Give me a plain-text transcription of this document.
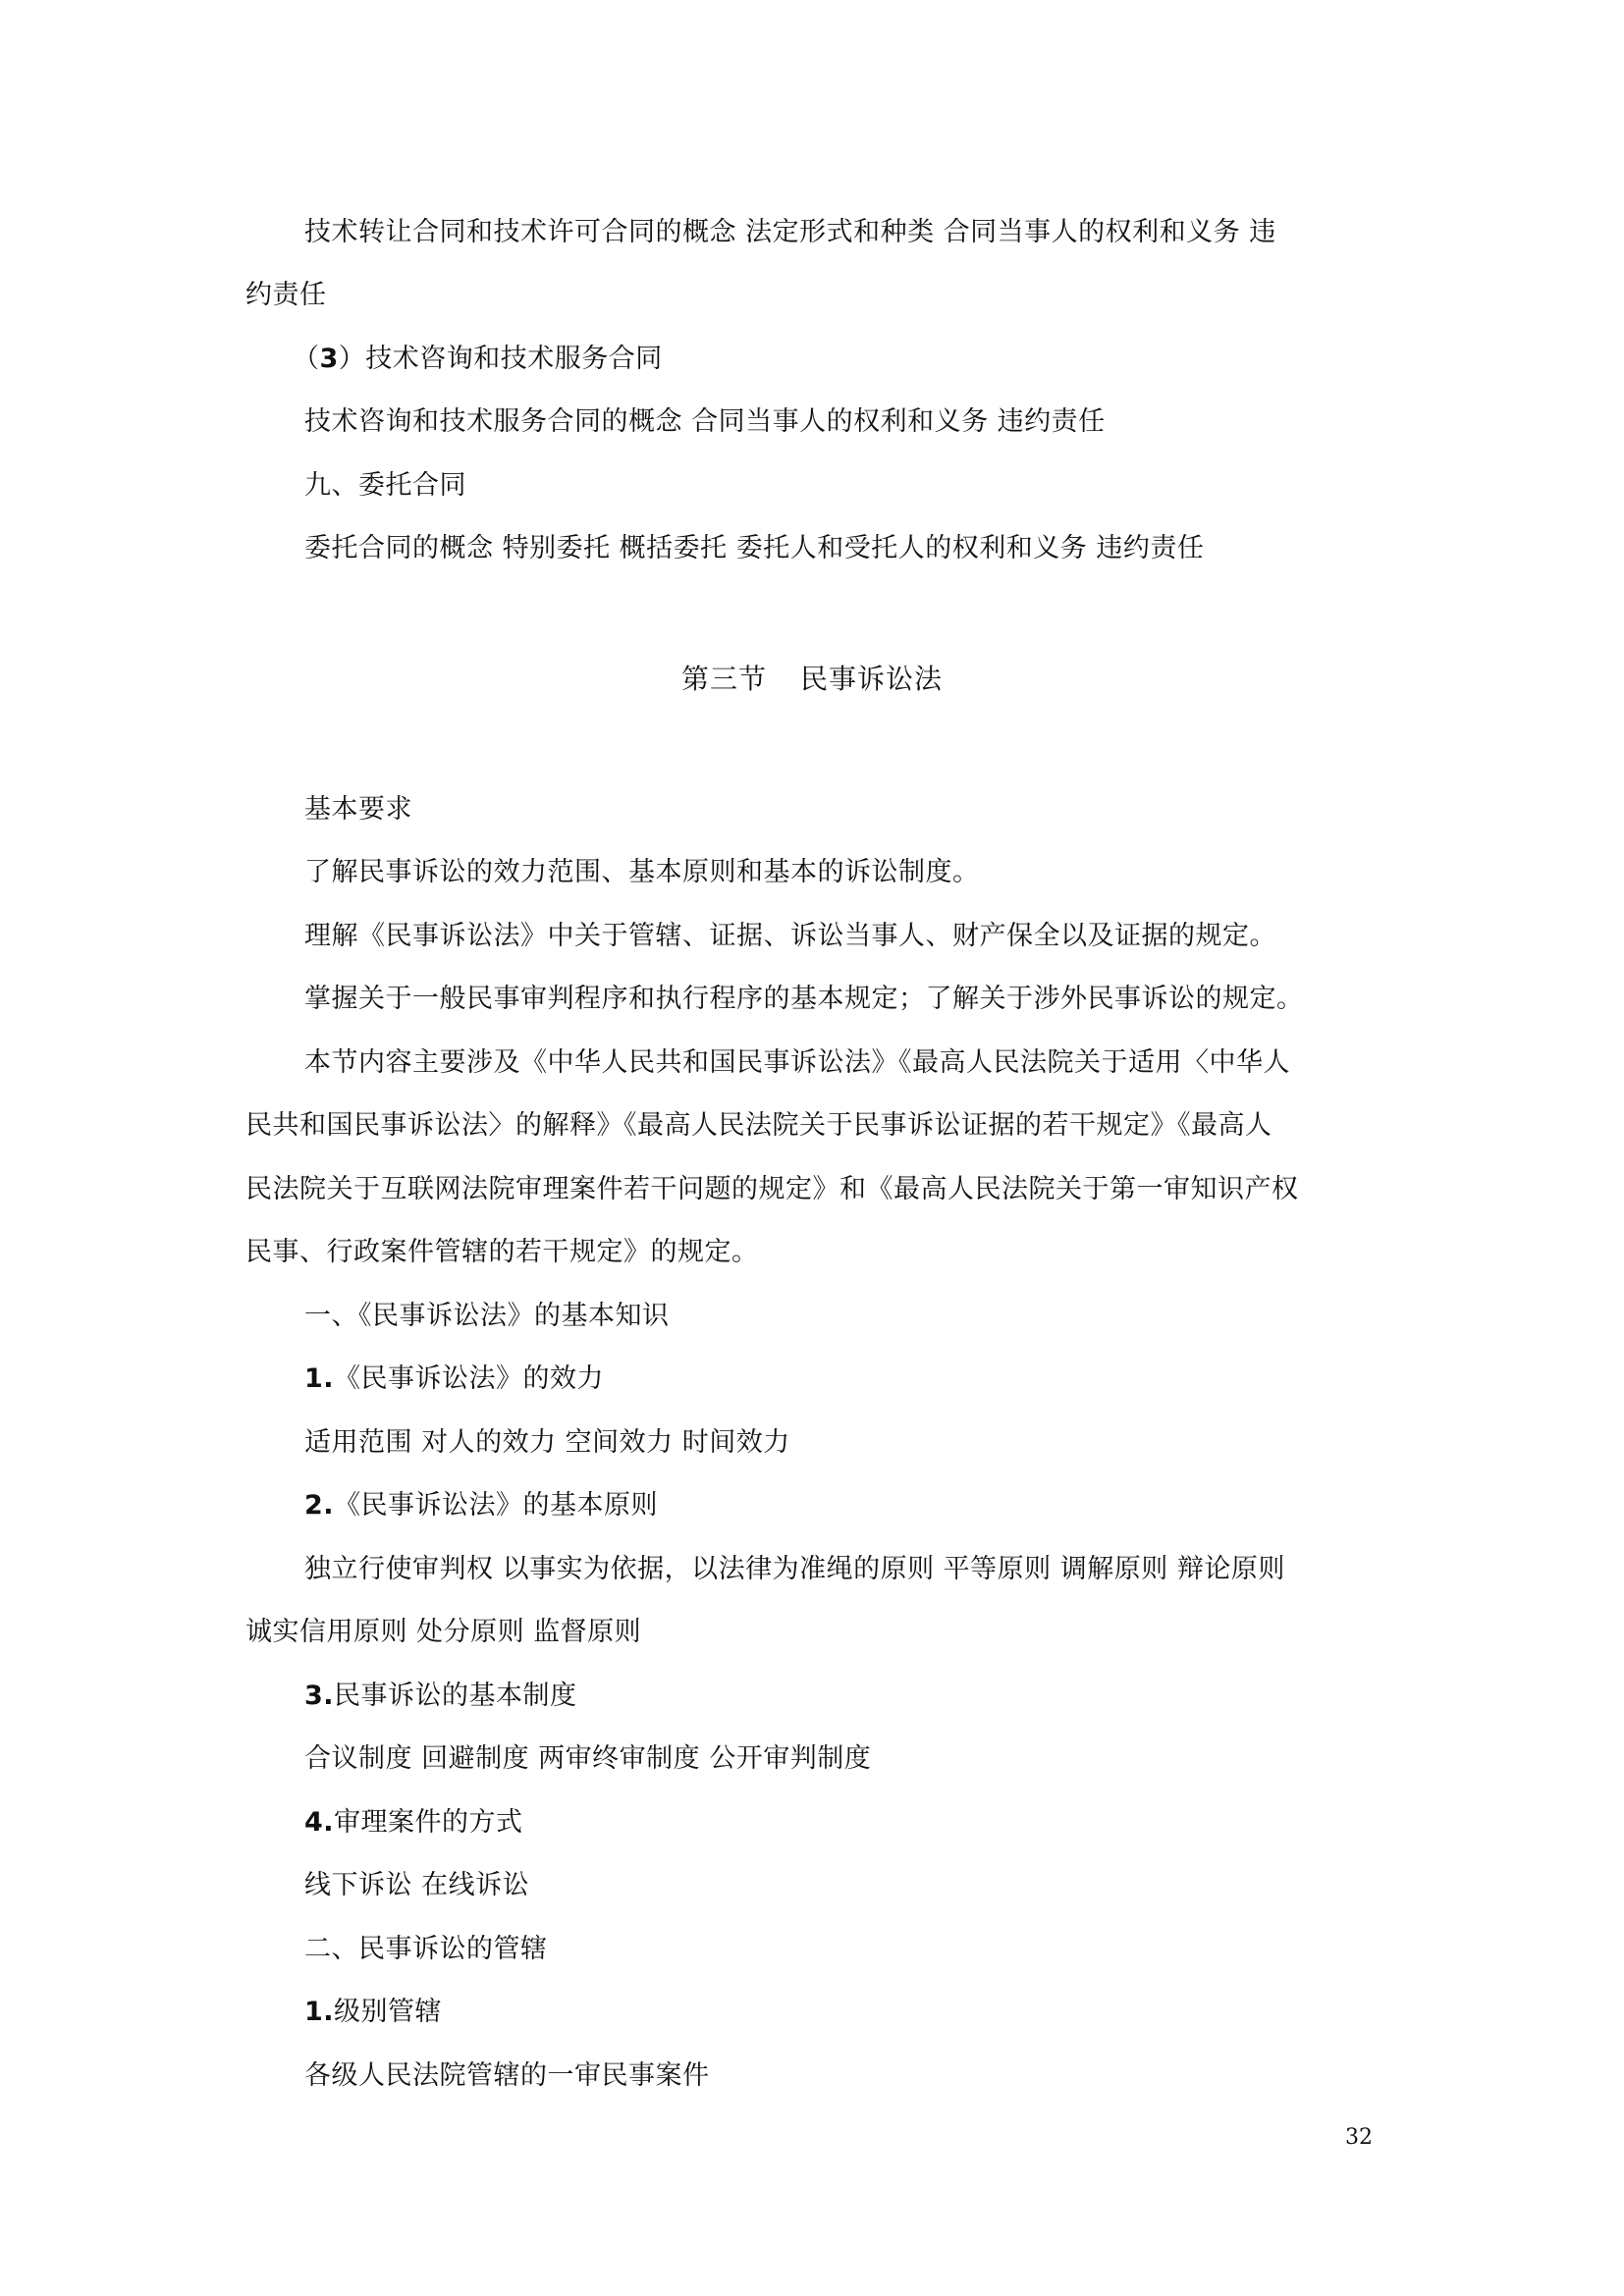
技术转让合同和技术许可合同的概念 法定形式和种类 合同当事人的权利和义务 违

约责任

（3）技术咨询和技术服务合同

技术咨询和技术服务合同的概念 合同当事人的权利和义务 违约责任

九、委托合同

委托合同的概念 特别委托 概括委托 委托人和受托人的权利和义务 违约责任

第三节 民事诉讼法

基本要求

了解民事诉讼的效力范围、基本原则和基本的诉讼制度。

理解《民事诉讼法》中关于管辖、证据、诉讼当事人、财产保全以及证据的规定。

掌握关于一般民事审判程序和执行程序的基本规定；了解关于涉外民事诉讼的规定。

本节内容主要涉及《中华人民共和国民事诉讼法》《最高人民法院关于适用〈中华人

民共和国民事诉讼法〉的解释》《最高人民法院关于民事诉讼证据的若干规定》《最高人

民法院关于互联网法院审理案件若干问题的规定》和《最高人民法院关于第一审知识产权

民事、行政案件管辖的若干规定》的规定。

一、《民事诉讼法》的基本知识

1.《民事诉讼法》的效力

适用范围 对人的效力 空间效力 时间效力

2.《民事诉讼法》的基本原则

独立行使审判权 以事实为依据，以法律为准绳的原则 平等原则 调解原则 辩论原则

诚实信用原则 处分原则 监督原则

3.民事诉讼的基本制度

合议制度 回避制度 两审终审制度 公开审判制度

4.审理案件的方式

线下诉讼 在线诉讼

二、民事诉讼的管辖

1.级别管辖

各级人民法院管辖的一审民事案件

32
